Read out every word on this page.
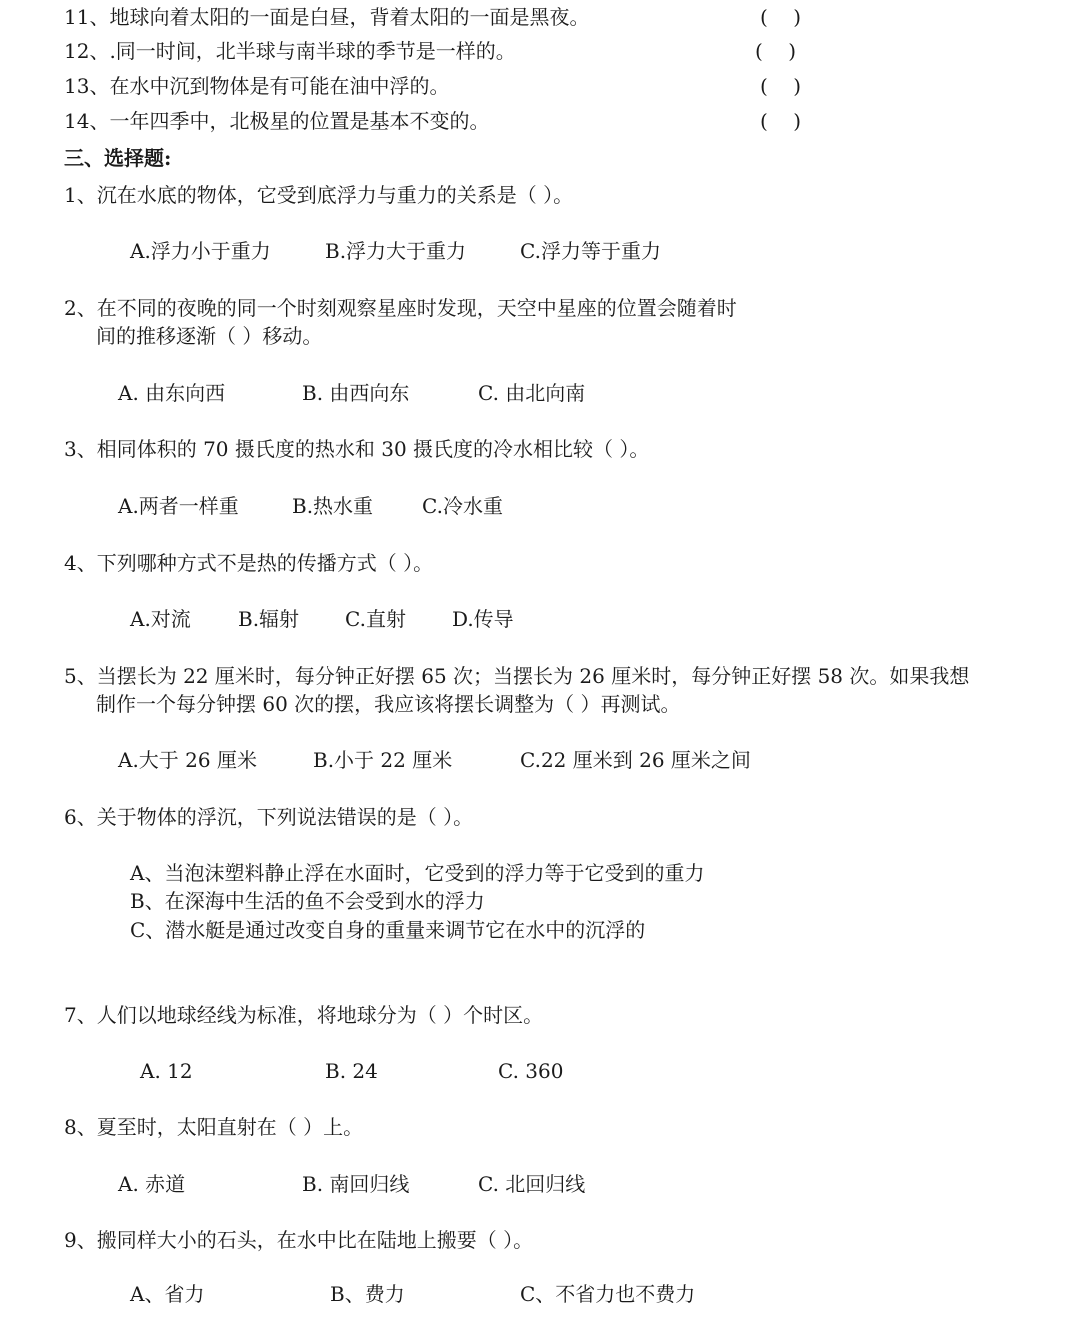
11、地球向着太阳的一面是白昼，背着太阳的一面是黑夜。	(    )
12、.同一时间，北半球与南半球的季节是一样的。	(    )
13、在水中沉到物体是有可能在油中浮的。	(    )
14、一年四季中，北极星的位置是基本不变的。	(    )
三、选择题:
1、沉在水底的物体，它受到底浮力与重力的关系是（ ）。
A.浮力小于重力	B.浮力大于重力	C.浮力等于重力
2、在不同的夜晚的同一个时刻观察星座时发现，天空中星座的位置会随着时
间的推移逐渐（ ）移动。
A. 由东向西	B. 由西向东	C. 由北向南
3、相同体积的 70 摄氏度的热水和 30 摄氏度的冷水相比较（ ）。
A.两者一样重	B.热水重 C.冷水重
4、下列哪种方式不是热的传播方式（ ）。
A.对流 B.辐射 C.直射 D.传导
5、当摆长为 22 厘米时，每分钟正好摆 65 次；当摆长为 26 厘米时，每分钟正好摆 58 次。如果我想
制作一个每分钟摆 60 次的摆，我应该将摆长调整为（ ）再测试。
A.大于 26 厘米	B.小于 22 厘米	C.22 厘米到 26 厘米之间
6、关于物体的浮沉，下列说法错误的是（ ）。
A、当泡沫塑料静止浮在水面时，它受到的浮力等于它受到的重力
B、在深海中生活的鱼不会受到水的浮力
C、潜水艇是通过改变自身的重量来调节它在水中的沉浮的
7、人们以地球经线为标准，将地球分为（ ）个时区。
A. 12	B. 24	C. 360
8、夏至时，太阳直射在（ ）上。
A. 赤道	B. 南回归线	C. 北回归线
9、搬同样大小的石头，在水中比在陆地上搬要（ ）。
A、省力	B、费力	C、不省力也不费力
